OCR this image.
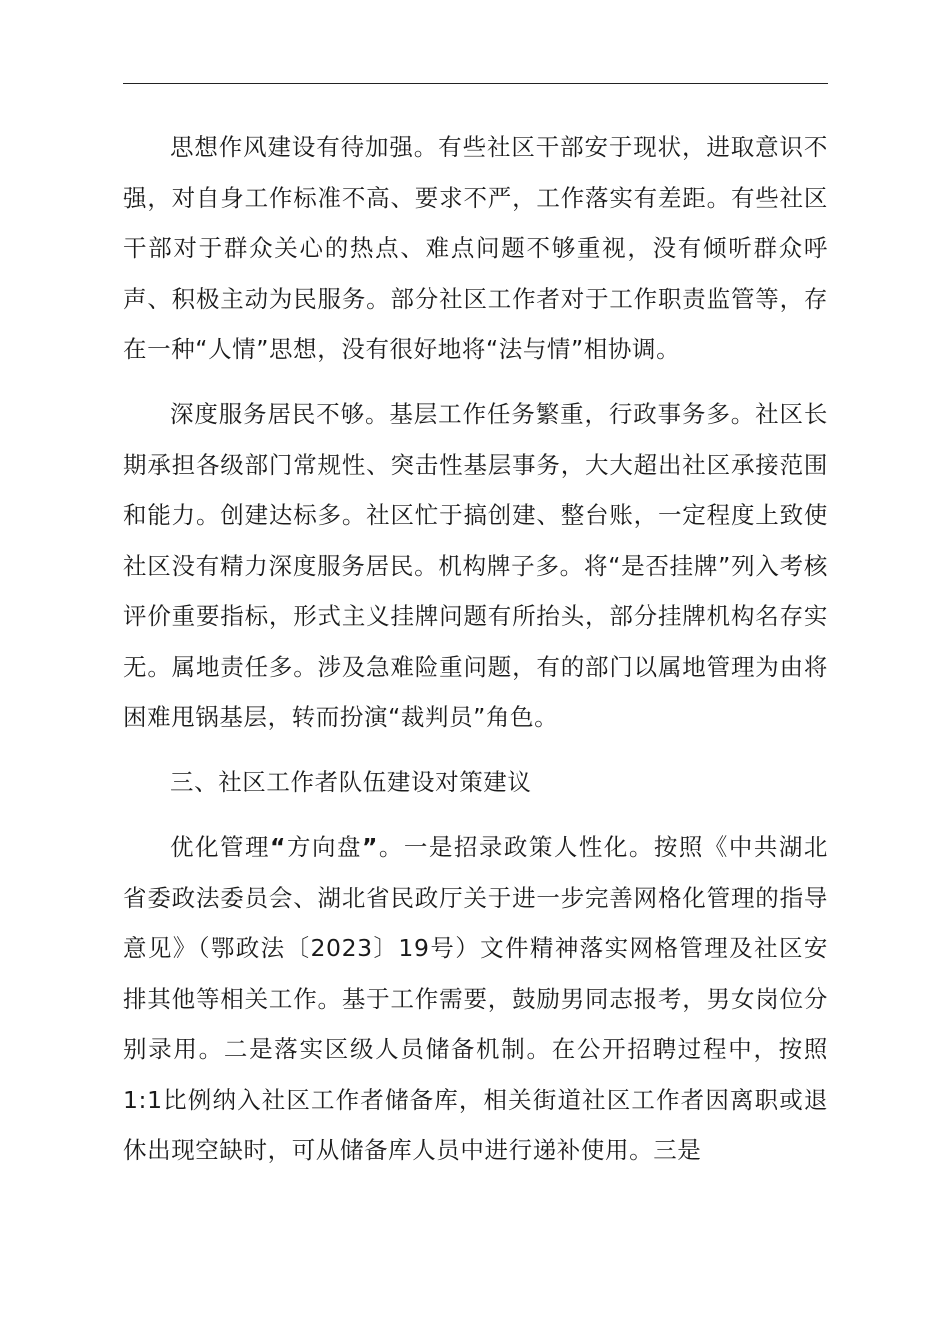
思想作风建设有待加强。有些社区干部安于现状，进取意识不强，对自身工作标准不高、要求不严，工作落实有差距。有些社区干部对于群众关心的热点、难点问题不够重视，没有倾听群众呼声、积极主动为民服务。部分社区工作者对于工作职责监管等，存在一种“人情”思想，没有很好地将“法与情”相协调。

深度服务居民不够。基层工作任务繁重，行政事务多。社区长期承担各级部门常规性、突击性基层事务，大大超出社区承接范围和能力。创建达标多。社区忙于搞创建、整台账，一定程度上致使社区没有精力深度服务居民。机构牌子多。将“是否挂牌”列入考核评价重要指标，形式主义挂牌问题有所抬头，部分挂牌机构名存实无。属地责任多。涉及急难险重问题，有的部门以属地管理为由将困难甩锅基层，转而扮演“裁判员”角色。

三、社区工作者队伍建设对策建议

优化管理“方向盘”。一是招录政策人性化。按照《中共湖北省委政法委员会、湖北省民政厅关于进一步完善网格化管理的指导意见》（鄂政法〔2023〕19号）文件精神落实网格管理及社区安排其他等相关工作。基于工作需要，鼓励男同志报考，男女岗位分别录用。二是落实区级人员储备机制。在公开招聘过程中，按照1:1比例纳入社区工作者储备库，相关街道社区工作者因离职或退休出现空缺时，可从储备库人员中进行递补使用。三是
